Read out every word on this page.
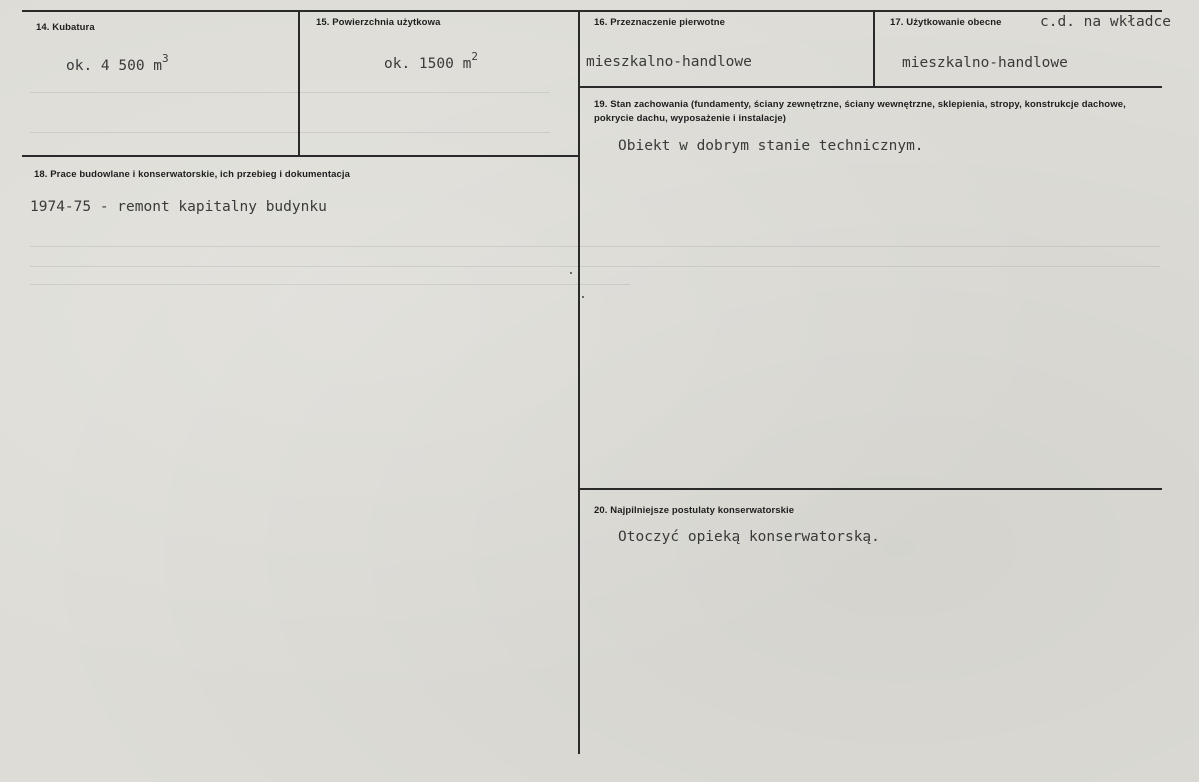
14. Kubatura
ok. 4 500 $m^3$
15. Powierzchnia użytkowa
ok. 1500 $m^2$
16. Przeznaczenie pierwotne
mieszkalno-handlowe
17. Użytkowanie obecne	c.d. na wkładce
mieszkalno-handlowe
18. Prace budowlane i konserwatorskie, ich przebieg i dokumentacja
1974-75 - remont kapitalny budynku
19. Stan zachowania (fundamenty, ściany zewnętrzne, ściany wewnętrzne, sklepienia, stropy, konstrukcje dachowe, pokrycie dachu, wyposażenie i instalacje)
Obiekt w dobrym stanie technicznym.
20. Najpilniejsze postulaty konserwatorskie
Otoczyć opieką konserwatorską.
